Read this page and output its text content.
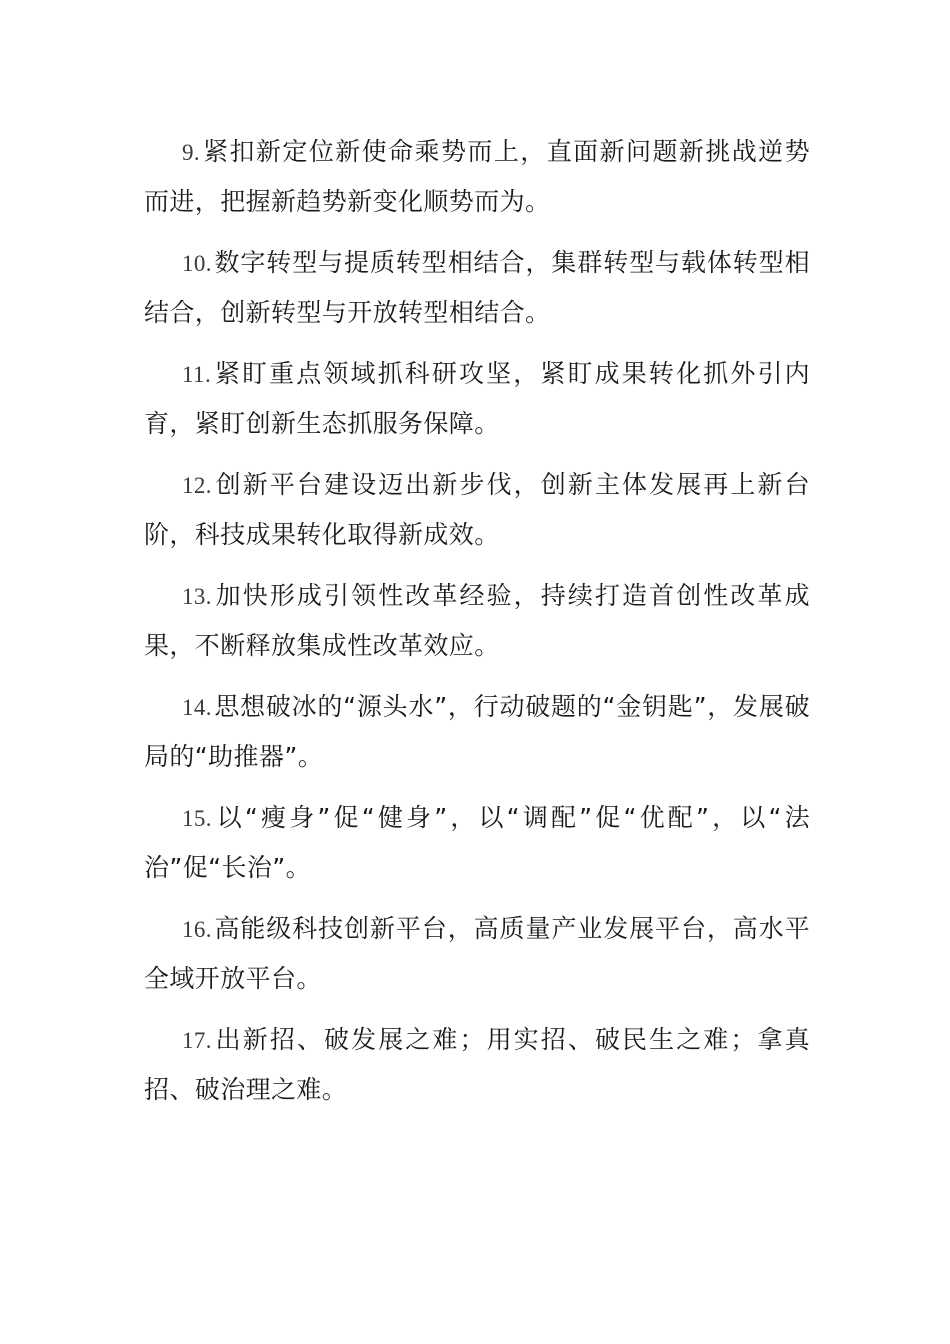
9.紧扣新定位新使命乘势而上，直面新问题新挑战逆势而进，把握新趋势新变化顺势而为。

10.数字转型与提质转型相结合，集群转型与载体转型相结合，创新转型与开放转型相结合。

11.紧盯重点领域抓科研攻坚，紧盯成果转化抓外引内育，紧盯创新生态抓服务保障。

12.创新平台建设迈出新步伐，创新主体发展再上新台阶，科技成果转化取得新成效。

13.加快形成引领性改革经验，持续打造首创性改革成果，不断释放集成性改革效应。

14.思想破冰的“源头水”，行动破题的“金钥匙”，发展破局的“助推器”。

15.以“瘦身”促“健身”，以“调配”促“优配”，以“法治”促“长治”。

16.高能级科技创新平台，高质量产业发展平台，高水平全域开放平台。

17.出新招、破发展之难；用实招、破民生之难；拿真招、破治理之难。
